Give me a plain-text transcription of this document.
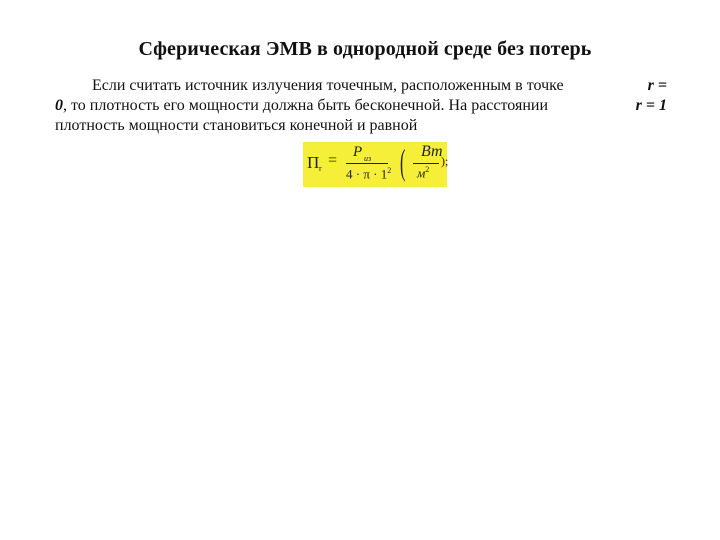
Сферическая ЭМВ в однородной среде без потерь
Если считать источник излучения точечным, расположенным в точке	r =
0, то плотность его мощности должна быть бесконечной. На расстоянии	r = 1
плотность мощности становиться конечной и равной
Π r = P из
$4 \cdot \pi \cdot 1^2$ ( Вт
$м^2$
);
